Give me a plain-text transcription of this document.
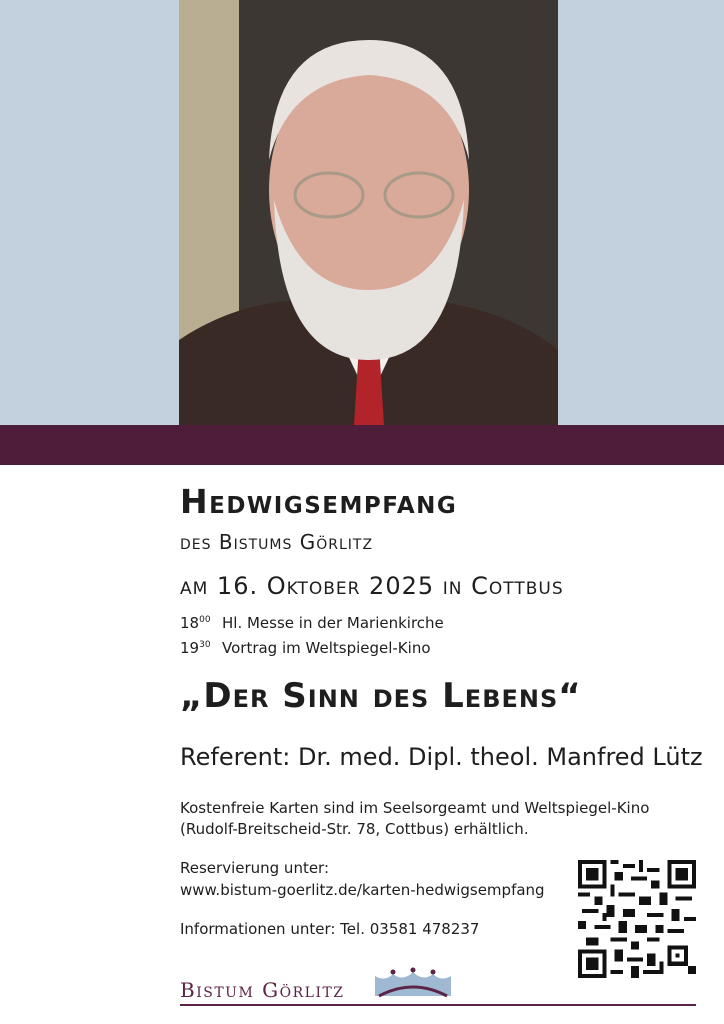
Hedwigsempfang
des Bistums Görlitz
am 16. Oktober 2025 in Cottbus
$18^{00}$ Hl. Messe in der Marienkirche
$19^{30}$ Vortrag im Weltspiegel-Kino
„Der Sinn des Lebens“
Referent: Dr. med. Dipl. theol. Manfred Lütz
Kostenfreie Karten sind im Seelsorgeamt und Weltspiegel-Kino
(Rudolf-Breitscheid-Str. 78, Cottbus) erhältlich.
Reservierung unter:
www.bistum-goerlitz.de/karten-hedwigsempfang
Informationen unter: Tel. 03581 478237
Bistum Görlitz
